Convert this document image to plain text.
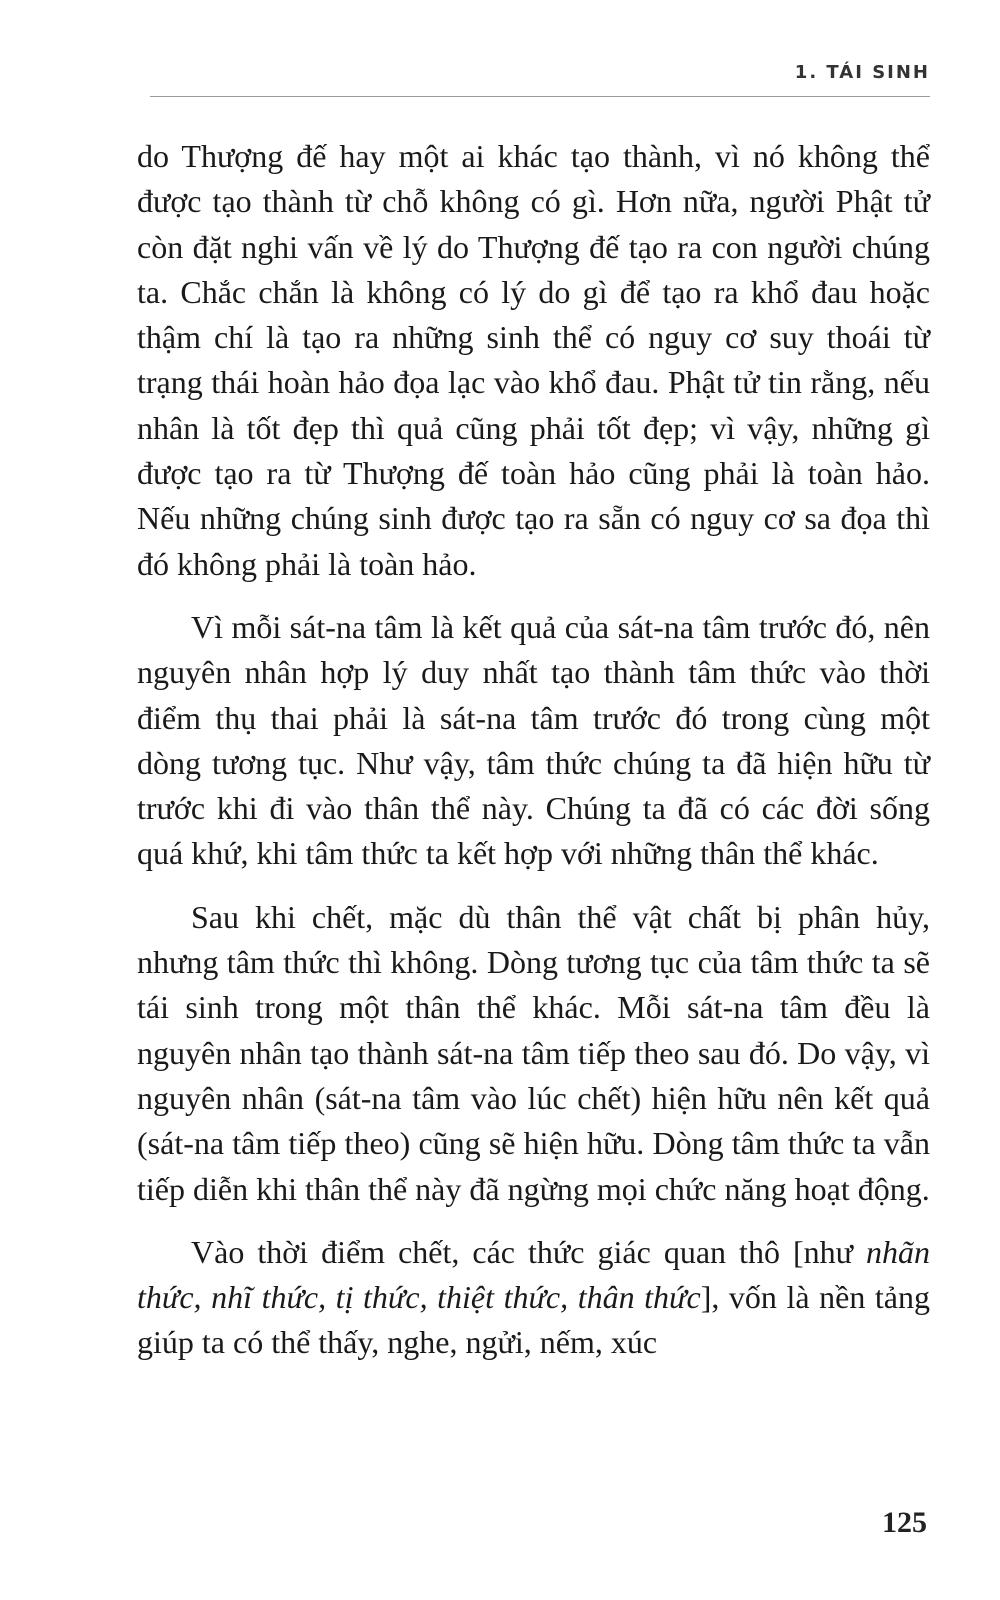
1. TÁI SINH

do Thượng đế hay một ai khác tạo thành, vì nó không thể được tạo thành từ chỗ không có gì. Hơn nữa, người Phật tử còn đặt nghi vấn về lý do Thượng đế tạo ra con người chúng ta. Chắc chắn là không có lý do gì để tạo ra khổ đau hoặc thậm chí là tạo ra những sinh thể có nguy cơ suy thoái từ trạng thái hoàn hảo đọa lạc vào khổ đau. Phật tử tin rằng, nếu nhân là tốt đẹp thì quả cũng phải tốt đẹp; vì vậy, những gì được tạo ra từ Thượng đế toàn hảo cũng phải là toàn hảo. Nếu những chúng sinh được tạo ra sẵn có nguy cơ sa đọa thì đó không phải là toàn hảo.

Vì mỗi sát-na tâm là kết quả của sát-na tâm trước đó, nên nguyên nhân hợp lý duy nhất tạo thành tâm thức vào thời điểm thụ thai phải là sát-na tâm trước đó trong cùng một dòng tương tục. Như vậy, tâm thức chúng ta đã hiện hữu từ trước khi đi vào thân thể này. Chúng ta đã có các đời sống quá khứ, khi tâm thức ta kết hợp với những thân thể khác.

Sau khi chết, mặc dù thân thể vật chất bị phân hủy, nhưng tâm thức thì không. Dòng tương tục của tâm thức ta sẽ tái sinh trong một thân thể khác. Mỗi sát-na tâm đều là nguyên nhân tạo thành sát-na tâm tiếp theo sau đó. Do vậy, vì nguyên nhân (sát-na tâm vào lúc chết) hiện hữu nên kết quả (sát-na tâm tiếp theo) cũng sẽ hiện hữu. Dòng tâm thức ta vẫn tiếp diễn khi thân thể này đã ngừng mọi chức năng hoạt động.

Vào thời điểm chết, các thức giác quan thô [như nhãn thức, nhĩ thức, tị thức, thiệt thức, thân thức], vốn là nền tảng giúp ta có thể thấy, nghe, ngửi, nếm, xúc

125
